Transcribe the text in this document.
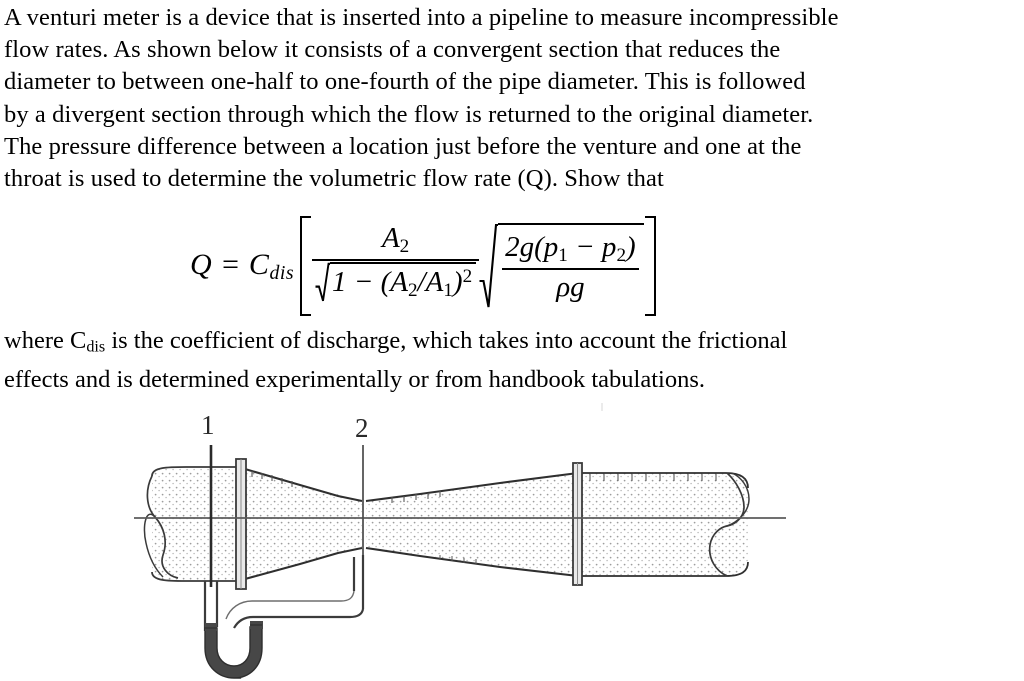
A venturi meter is a device that is inserted into a pipeline to measure incompressible

flow rates. As shown below it consists of a convergent section that reduces the

diameter to between one-half to one-fourth of the pipe diameter. This is followed

by a divergent section through which the flow is returned to the original diameter.

The pressure difference between a location just before the venture and one at the

throat is used to determine the volumetric flow rate (Q). Show that

$Q = C_{dis} \frac{A2}{1 - (A2/A1)^2} \frac{2g(p1 - p2)}{\rho g}$

where $C_{dis}$ is the coefficient of discharge, which takes into account the frictional

effects and is determined experimentally or from handbook tabulations.

1	2
